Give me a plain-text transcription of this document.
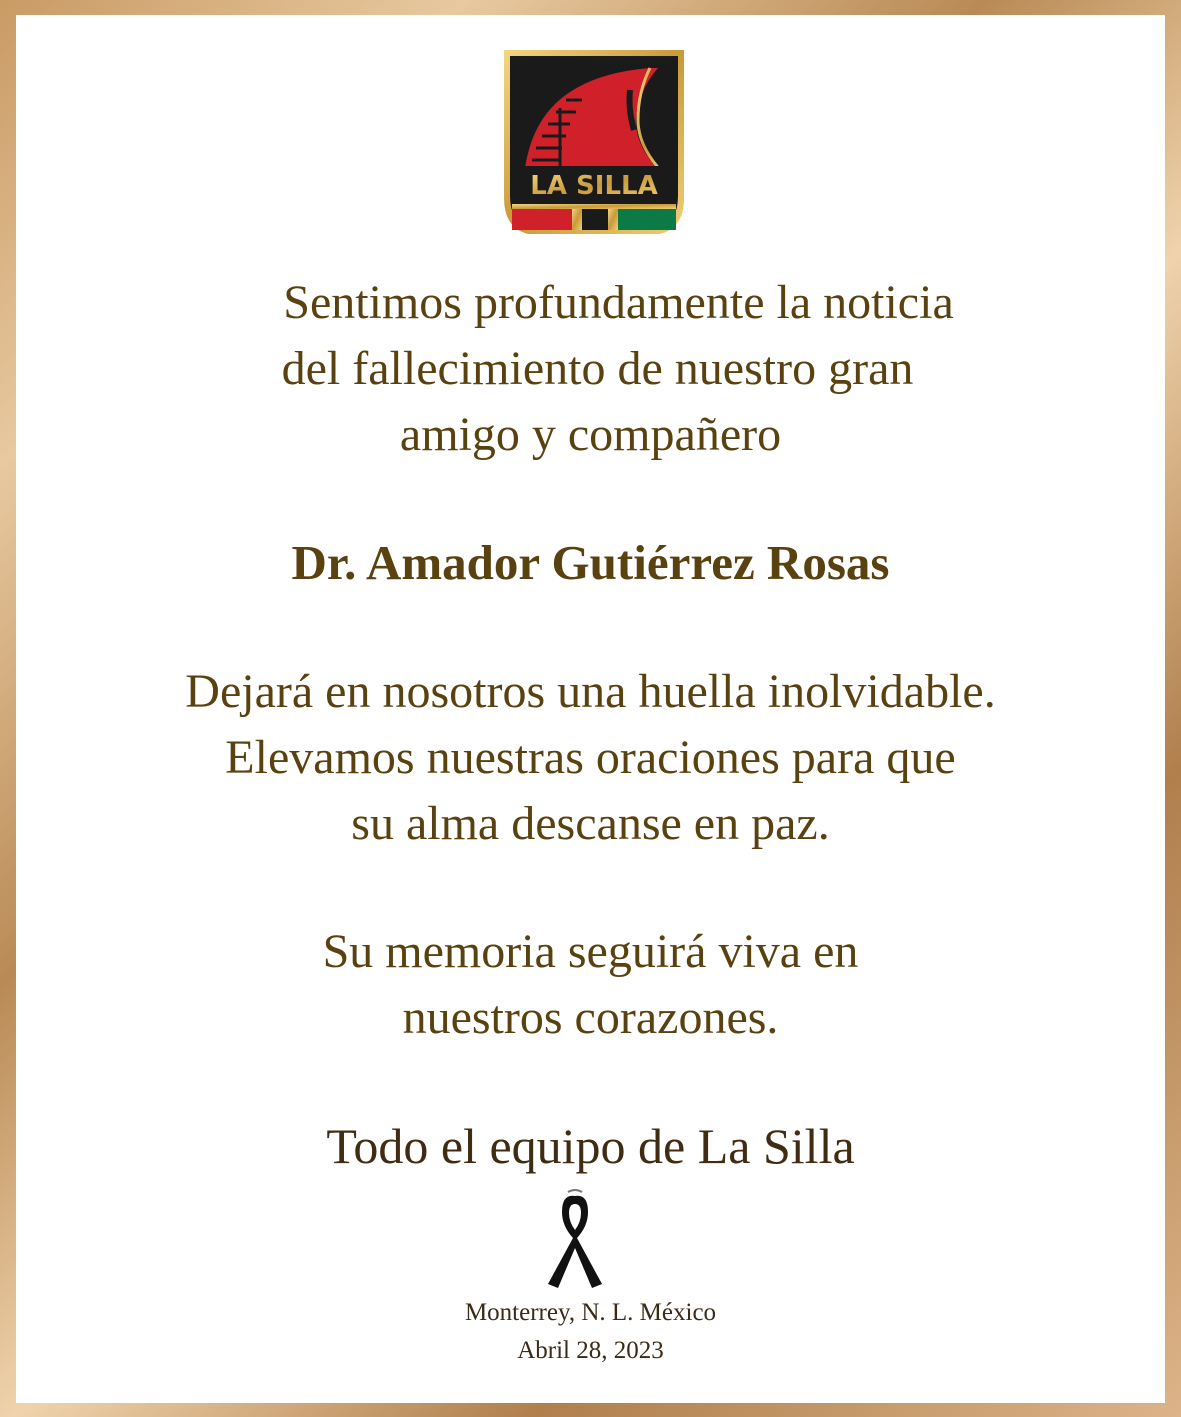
LA SILLA
Sentimos profundamente la noticia
del fallecimiento de nuestro gran
amigo y compañero
Dr. Amador Gutiérrez Rosas
Dejará en nosotros una huella inolvidable.
Elevamos nuestras oraciones para que
su alma descanse en paz.
Su memoria seguirá viva en
nuestros corazones.
Todo el equipo de La Silla
Monterrey, N. L. México
Abril 28, 2023
